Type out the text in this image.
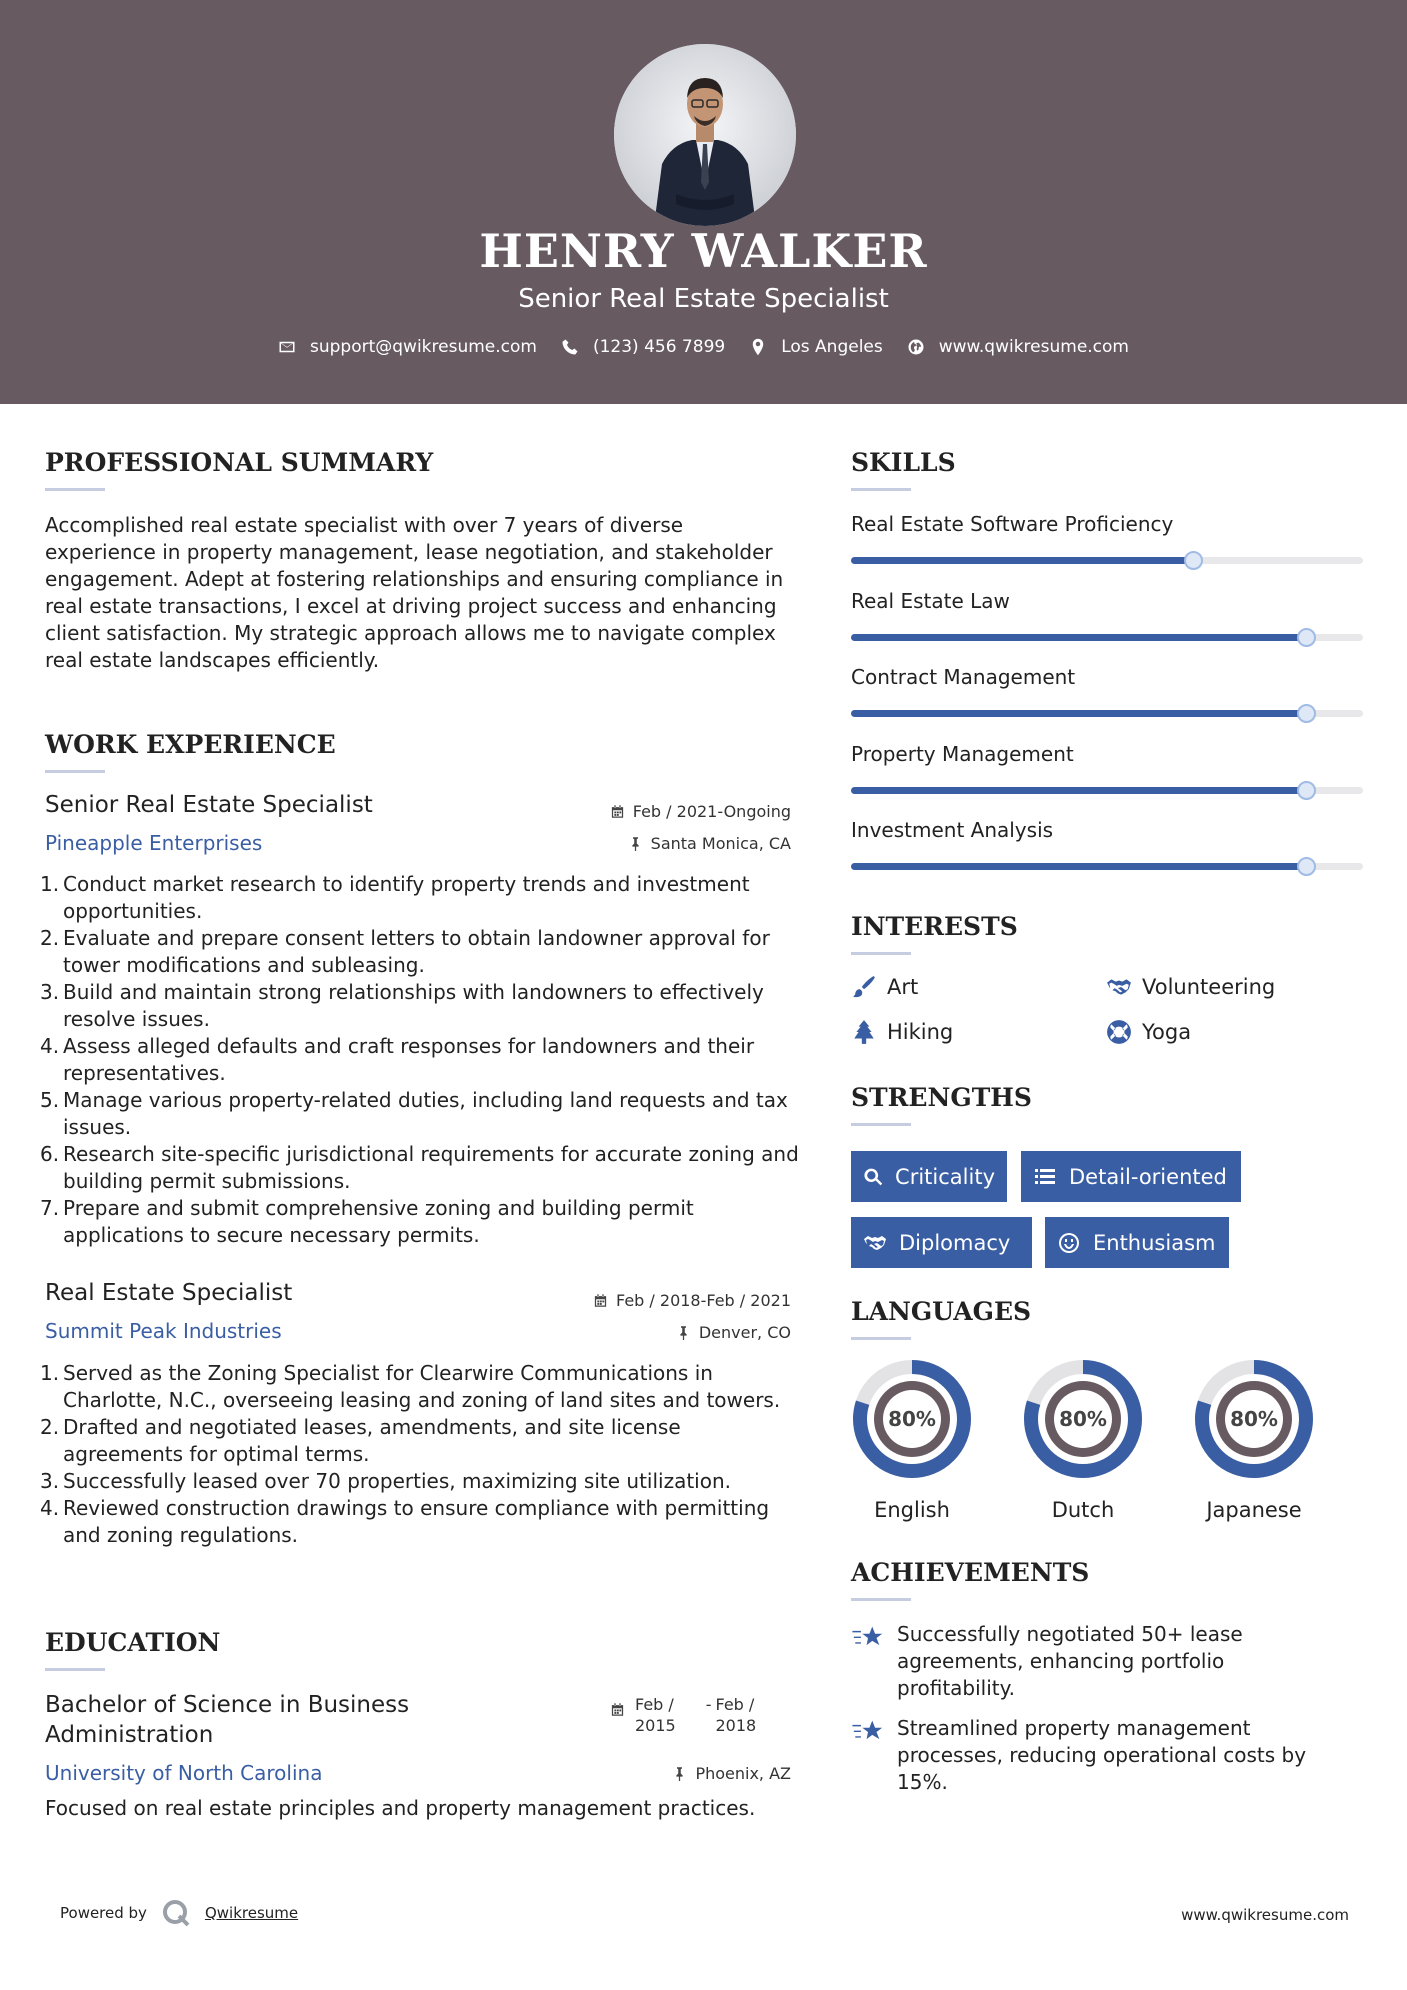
HENRY WALKER
Senior Real Estate Specialist
support@qwikresume.com	(123) 456 7899	Los Angeles	www.qwikresume.com
PROFESSIONAL SUMMARY
Accomplished real estate specialist with over 7 years of diverse experience in property management, lease negotiation, and stakeholder engagement. Adept at fostering relationships and ensuring compliance in real estate transactions, I excel at driving project success and enhancing client satisfaction. My strategic approach allows me to navigate complex real estate landscapes efficiently.
WORK EXPERIENCE
Senior Real Estate Specialist	Feb / 2021-Ongoing
Pineapple Enterprises	Santa Monica, CA
1. Conduct market research to identify property trends and investment opportunities.
2. Evaluate and prepare consent letters to obtain landowner approval for tower modifications and subleasing.
3. Build and maintain strong relationships with landowners to effectively resolve issues.
4. Assess alleged defaults and craft responses for landowners and their representatives.
5. Manage various property-related duties, including land requests and tax issues.
6. Research site-specific jurisdictional requirements for accurate zoning and building permit submissions.
7. Prepare and submit comprehensive zoning and building permit applications to secure necessary permits.
Real Estate Specialist	Feb / 2018-Feb / 2021
Summit Peak Industries	Denver, CO
1. Served as the Zoning Specialist for Clearwire Communications in Charlotte, N.C., overseeing leasing and zoning of land sites and towers.
2. Drafted and negotiated leases, amendments, and site license agreements for optimal terms.
3. Successfully leased over 70 properties, maximizing site utilization.
4. Reviewed construction drawings to ensure compliance with permitting and zoning regulations.
EDUCATION
Bachelor of Science in Business
Administration
Feb /
2015
- Feb /
2018
University of North Carolina	Phoenix, AZ
Focused on real estate principles and property management practices.
SKILLS
Real Estate Software Proficiency
Real Estate Law
Contract Management
Property Management
Investment Analysis
INTERESTS
Art	Volunteering
Hiking	Yoga
STRENGTHS
Criticality	Detail-oriented
Diplomacy	Enthusiasm
LANGUAGES
80%
English
80%
Dutch
80%
Japanese
ACHIEVEMENTS
Successfully negotiated 50+ lease agreements, enhancing portfolio profitability.
Streamlined property management processes, reducing operational costs by 15%.
Powered by	Qwikresume	www.qwikresume.com
